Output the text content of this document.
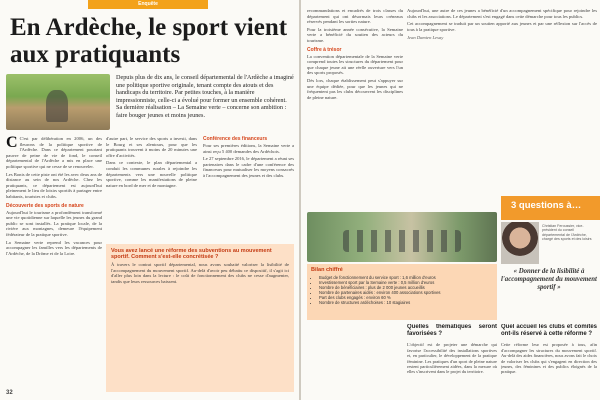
Enquête
En Ardèche, le sport vient aux pratiquants

Depuis plus de dix ans, le conseil départemental de l'Ardèche a imaginé une politique sportive originale, tenant compte des atouts et des handicaps du territoire. Par petites touches, à la manière impressionniste, celle-ci a évolué pour former un ensemble cohérent. Sa dernière réalisation – La Semaine verte – concerne son ambition : faire bouger jeunes et moins jeunes.

C C'est par délibération en 2006, un des fleurons de la politique sportive de l'Ardèche. Dans ce département pourtant pauvre de peine de vie de fond, le conseil départemental de l'Ardèche a mis en place une politique sportive qui ne cesse de se renouveler.

Les Bonis de cette piste ont été les avec deux ans de distance au sein de nos Ardèche. Chez les pratiquants, ce département est aujourd'hui pleinement le lieu de loisirs sportifs à partager entre habitants, touristes et clubs.

Découverte des sports de nature

Aujourd'hui le tourisme a profondément transformé une vie quotidienne sur laquelle les jeunes du grand public se sont installés. La pratique locale, de la rivière aux montagnes, demeure l'équipement fédérateur de la pratique sportive.

La Semaine verte reprend les vacances pour accompagner les familles vers les départements de l'Ardèche, de la Drôme et de la Loire.

d'autre part, le service des sports a investi, dans le Bourg et ses alentours, pour que les pratiquants trouvent à moins de 20 minutes une offre d'activités.

Dans ce contexte, le plan départemental a conduit les communes rurales à rejoindre les départements vers une nouvelle politique sportive, comme les manifestations de pleine nature en bord de mer et de montagne.

Conférence des financeurs

Pour ses premières éditions, la Semaine verte a ainsi reçu 5 400 demandes des Ardéchois.

Le 27 septembre 2016, le département a réuni ses partenaires dans le cadre d'une conférence des financeurs pour mutualiser les moyens consacrés à l'accompagnement des jeunes et des clubs.

Vous avez lancé une réforme des subventions au mouvement sportif. Comment s'est-elle concrétisée ?

À travers le contrat sportif départemental, nous avons souhaité valoriser la lisibilité de l'accompagnement du mouvement sportif. Au-delà d'avoir peu débattu ce dispositif, il s'agit ici d'aller plus loin dans la lecture : le coût de fonctionnement des clubs ne cesse d'augmenter, tandis que leurs ressources baissent.

32

recommandations et encadrés de trois classes du département qui ont désormais leurs créneaux réservés pendant les sorties nature.

Pour la troisième année consécutive, la Semaine verte a bénéficié du soutien des acteurs du tourisme.

Coffre à trésor

La convention départementale de la Semaine verte comprend toutes les structures du département pour que chaque jeune ait une réelle ouverture vers l'un des sports proposés.

Dès lors, chaque établissement peut s'appuyer sur une équipe dédiée, pour que les jeunes qui ne fréquentent pas les clubs découvrent les disciplines de pleine nature.

Aujourd'hui, une autre de ces jeunes a bénéficié d'un accompagnement spécifique pour rejoindre les clubs et les associations. Le département s'est engagé dans cette démarche pour tous les publics.

Cet accompagnement se traduit par un soutien apporté aux jeunes et par une réflexion sur l'accès de tous à la pratique sportive.

Jean Damien Lesay
3 questions à…

Christian Feroussier, vice-président du conseil départemental de l'Ardèche, chargé des sports et des loisirs

« Donner de la lisibilité à l'accompagnement du mouvement sportif »

Bilan chiffré
• Budget de fonctionnement du service sport : 1,6 million d'euros
• Investissement sport par la Semaine verte : 0,5 million d'euros
• Nombre de bénéficiaires : plus de 2 000 jeunes accueillis
• Nombre de partenaires aidés : environ 400 associations sportives
• Part des clubs engagés : environ 60 %
• Nombre de structures ardéchoises : 10 stagiaires
Quelles thématiques seront favorisées ?

L'objectif est de projeter une démarche qui favorise l'accessibilité des installations sportives et, en particulier, le développement de la pratique féminine. Les pratiques d'un sport de pleine nature restent particulièrement aidées, dans la mesure où elles s'inscrivent dans le projet du territoire.

Quel accueil les clubs et comités ont-ils réservé à cette réforme ?

Cette réforme leur est proposée à tous, afin d'accompagner les structures du mouvement sportif. Au-delà des aides financières, nous avons fait le choix de valoriser les clubs qui s'engagent en direction des jeunes, des féminines et des publics éloignés de la pratique.
